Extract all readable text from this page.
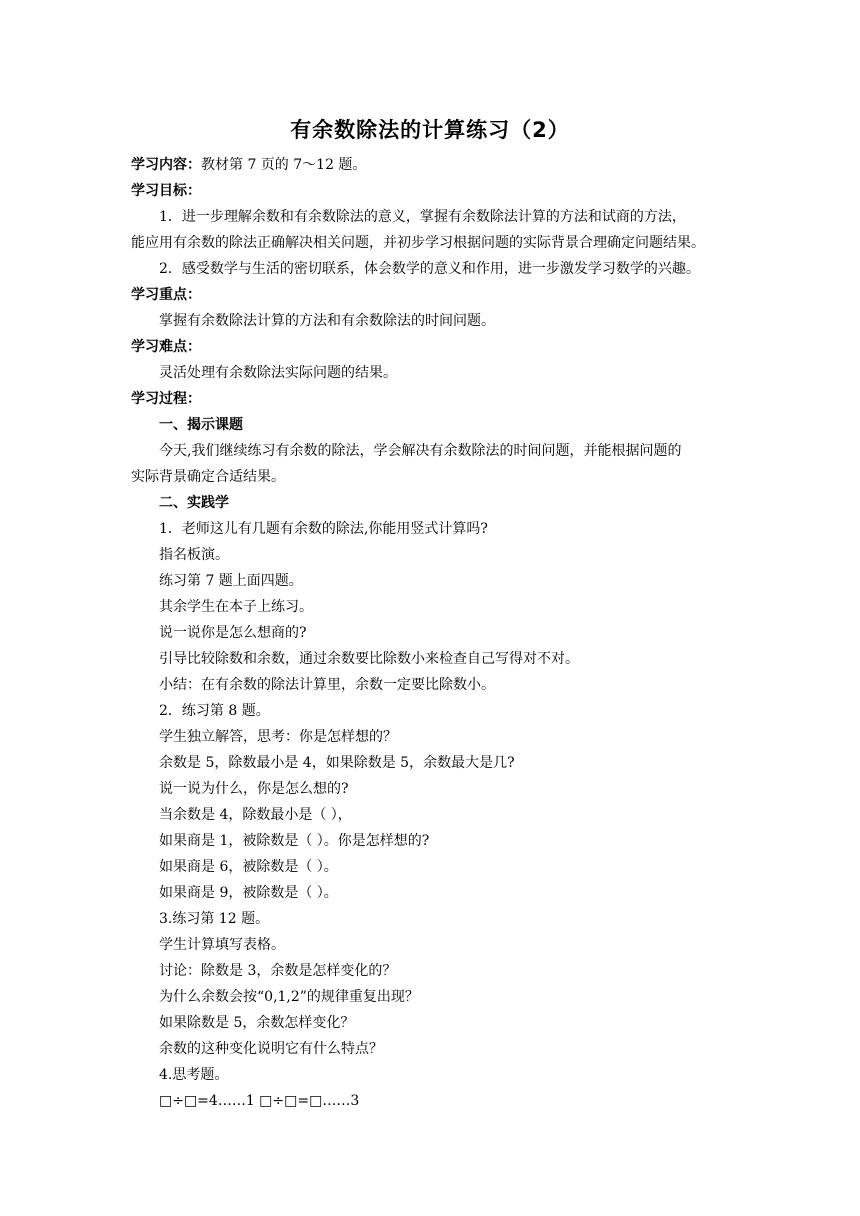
有余数除法的计算练习（2）
学习内容：教材第 7 页的 7～12 题。
学习目标：
1．进一步理解余数和有余数除法的意义，掌握有余数除法计算的方法和试商的方法，
能应用有余数的除法正确解决相关问题，并初步学习根据问题的实际背景合理确定问题结果。
2．感受数学与生活的密切联系，体会数学的意义和作用，进一步激发学习数学的兴趣。
学习重点：
掌握有余数除法计算的方法和有余数除法的时间问题。
学习难点：
灵活处理有余数除法实际问题的结果。
学习过程：
一、揭示课题
今天,我们继续练习有余数的除法，学会解决有余数除法的时间问题，并能根据问题的
实际背景确定合适结果。
二、实践学
1．老师这儿有几题有余数的除法,你能用竖式计算吗?
指名板演。
练习第 7 题上面四题。
其余学生在本子上练习。
说一说你是怎么想商的?
引导比较除数和余数，通过余数要比除数小来检查自己写得对不对。
小结：在有余数的除法计算里，余数一定要比除数小。
2．练习第 8 题。
学生独立解答，思考：你是怎样想的？
余数是 5，除数最小是 4，如果除数是 5，余数最大是几?
说一说为什么，你是怎么想的?
当余数是 4，除数最小是（ ），
如果商是 1，被除数是（ ）。你是怎样想的?
如果商是 6，被除数是（ ）。
如果商是 9，被除数是（ ）。
3.练习第 12 题。
学生计算填写表格。
讨论：除数是 3，余数是怎样变化的？
为什么余数会按“0,1,2”的规律重复出现？
如果除数是 5，余数怎样变化？
余数的这种变化说明它有什么特点？
4.思考题。
□÷□=4……1 □÷□=□……3
